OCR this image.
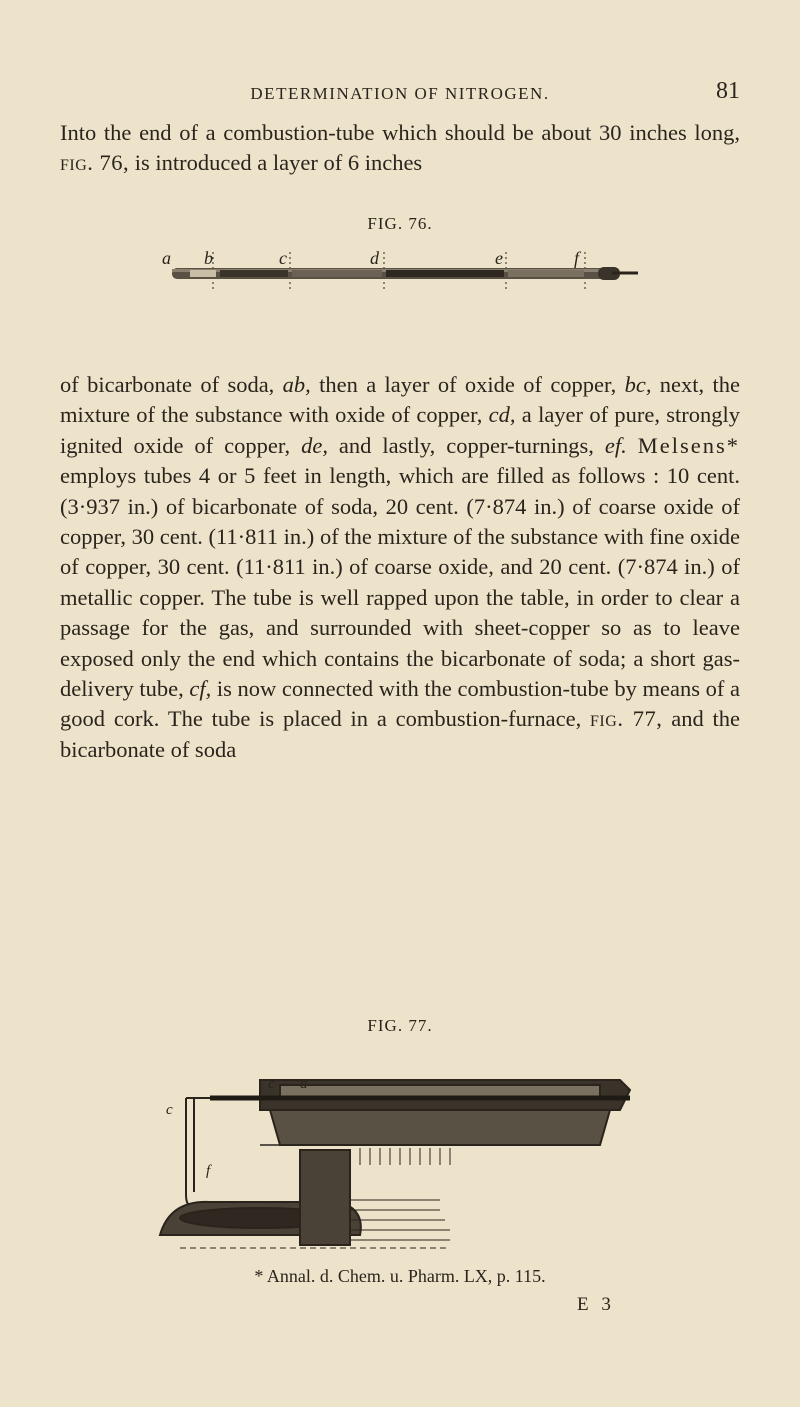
DETERMINATION OF NITROGEN.	81

Into the end of a combustion-tube which should be about 30 inches long, fig. 76, is introduced a layer of 6 inches

FIG. 76.
a b	c	d	e	f

of bicarbonate of soda, ab, then a layer of oxide of copper, bc, next, the mixture of the substance with oxide of copper, cd, a layer of pure, strongly ignited oxide of copper, de, and lastly, copper-turnings, ef. Melsens* employs tubes 4 or 5 feet in length, which are filled as follows : 10 cent. (3·937 in.) of bicarbonate of soda, 20 cent. (7·874 in.) of coarse oxide of copper, 30 cent. (11·811 in.) of the mixture of the substance with fine oxide of copper, 30 cent. (11·811 in.) of coarse oxide, and 20 cent. (7·874 in.) of metallic copper. The tube is well rapped upon the table, in order to clear a passage for the gas, and surrounded with sheet-copper so as to leave exposed only the end which contains the bicarbonate of soda; a short gas-delivery tube, cf, is now connected with the combustion-tube by means of a good cork. The tube is placed in a combustion-furnace, fig. 77, and the bicarbonate of soda

FIG. 77.
c a
c
f
* Annal. d. Chem. u. Pharm. LX, p. 115.
E 3
